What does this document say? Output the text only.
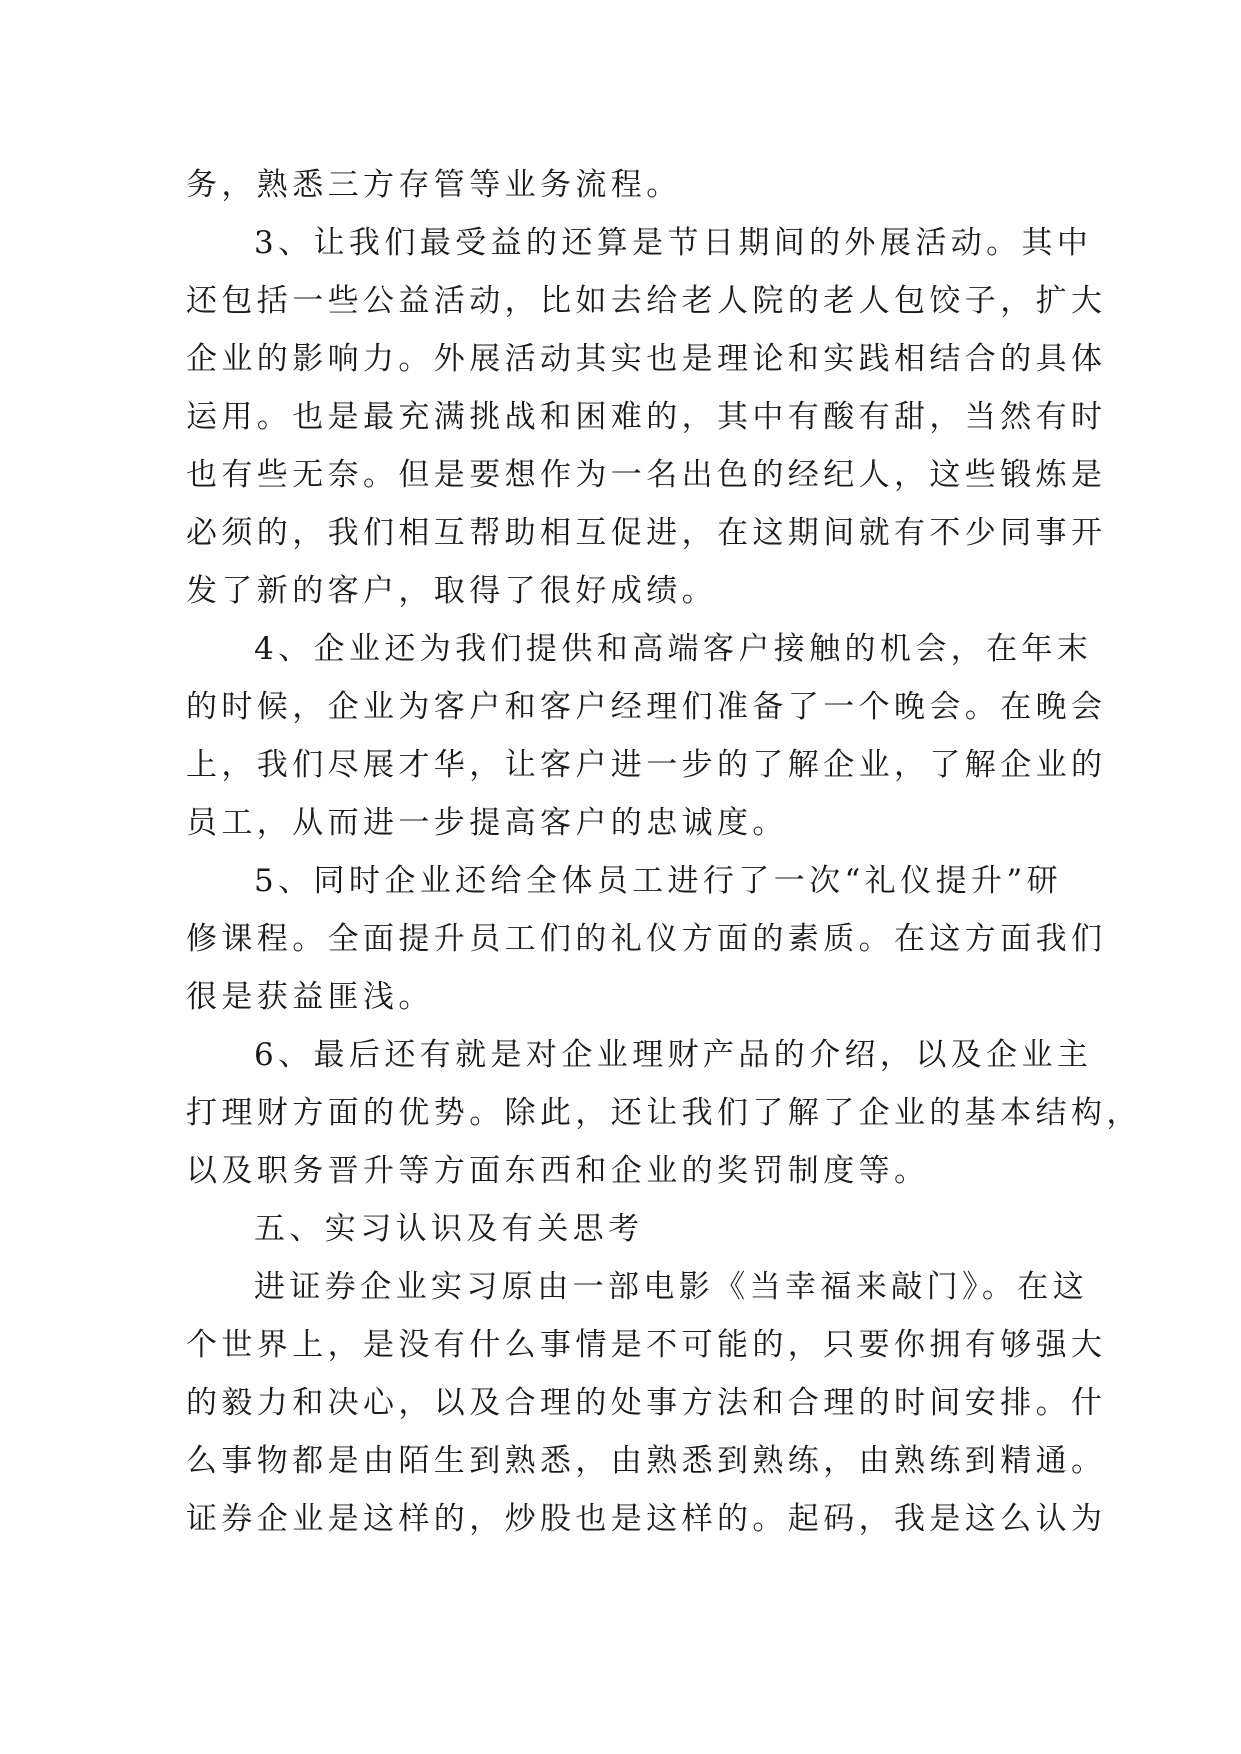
务，熟悉三方存管等业务流程。
3、让我们最受益的还算是节日期间的外展活动。其中
还包括一些公益活动，比如去给老人院的老人包饺子，扩大
企业的影响力。外展活动其实也是理论和实践相结合的具体
运用。也是最充满挑战和困难的，其中有酸有甜，当然有时
也有些无奈。但是要想作为一名出色的经纪人，这些锻炼是
必须的，我们相互帮助相互促进，在这期间就有不少同事开
发了新的客户，取得了很好成绩。
4、企业还为我们提供和高端客户接触的机会，在年末
的时候，企业为客户和客户经理们准备了一个晚会。在晚会
上，我们尽展才华，让客户进一步的了解企业，了解企业的
员工，从而进一步提高客户的忠诚度。
5、同时企业还给全体员工进行了一次“礼仪提升”研
修课程。全面提升员工们的礼仪方面的素质。在这方面我们
很是获益匪浅。
6、最后还有就是对企业理财产品的介绍，以及企业主
打理财方面的优势。除此，还让我们了解了企业的基本结构，
以及职务晋升等方面东西和企业的奖罚制度等。
五、实习认识及有关思考
进证券企业实习原由一部电影《当幸福来敲门》。在这
个世界上，是没有什么事情是不可能的，只要你拥有够强大
的毅力和决心，以及合理的处事方法和合理的时间安排。什
么事物都是由陌生到熟悉，由熟悉到熟练，由熟练到精通。
证券企业是这样的，炒股也是这样的。起码，我是这么认为
